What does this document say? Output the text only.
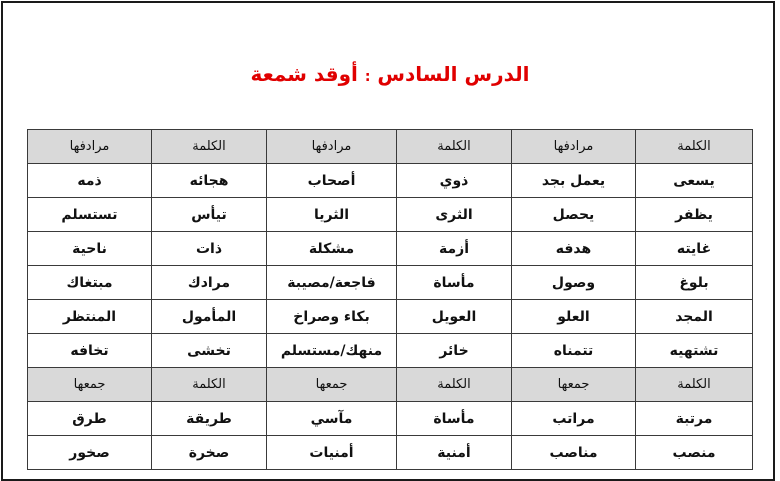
الدرس السادس : أوقد شمعة
الكلمة	مرادفها	الكلمة	مرادفها	الكلمة	مرادفها
يسعى	يعمل بجد	ذوي	أصحاب	هجائه	ذمه
يظفر	يحصل	الثرى	الثريا	تيأس	تستسلم
غايته	هدفه	أزمة	مشكلة	ذات	ناحية
بلوغ	وصول	مأساة	فاجعة/مصيبة	مرادك	مبتغاك
المجد	العلو	العويل	بكاء وصراخ	المأمول	المنتظر
تشتهيه	تتمناه	خائر	منهك/مستسلم	تخشى	تخافه
الكلمة	جمعها	الكلمة	جمعها	الكلمة	جمعها
مرتبة	مراتب	مأساة	مآسي	طريقة	طرق
منصب	مناصب	أمنية	أمنيات	صخرة	صخور
